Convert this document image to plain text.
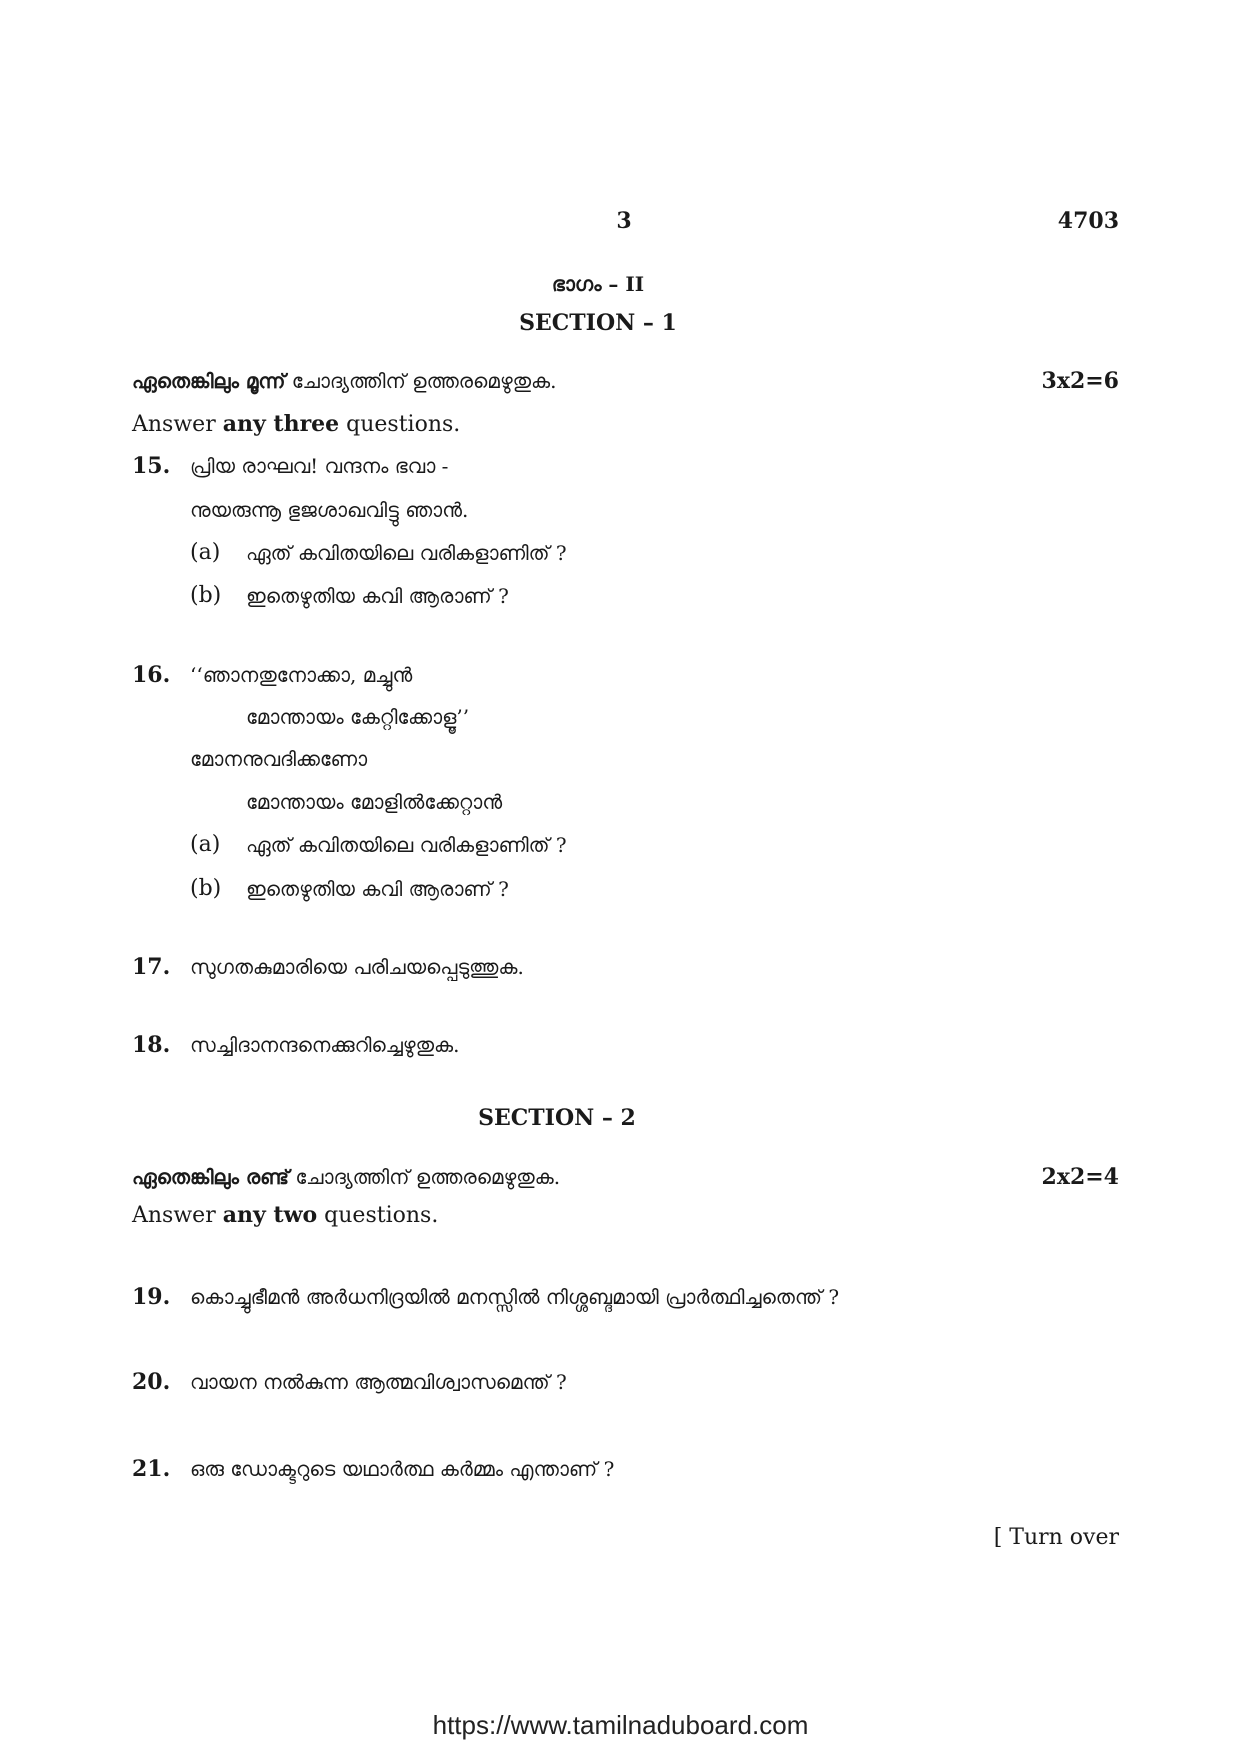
3	4703
ഭാഗം – II
SECTION – 1
ഏതെങ്കിലും മൂന്ന് ചോദ്യത്തിന് ഉത്തരമെഴുതുക.	3x2=6
Answer any three questions.
15. പ്രിയ രാഘവ! വന്ദനം ഭവാ -
നുയരുന്നൂ ഭുജശാഖവിട്ടു ഞാൻ.
(a) ഏത് കവിതയിലെ വരികളാണിത് ?
(b) ഇതെഴുതിയ കവി ആരാണ് ?
16. ‘‘ഞാനതുനോക്കാ, മച്ചുൻ
മോന്തായം കേറ്റിക്കോളൂ’’
മോനനുവദിക്കണോ
മോന്തായം മോളിൽക്കേറ്റാൻ
(a) ഏത് കവിതയിലെ വരികളാണിത് ?
(b) ഇതെഴുതിയ കവി ആരാണ് ?
17. സുഗതകുമാരിയെ പരിചയപ്പെടുത്തുക.
18. സച്ചിദാനന്ദനെക്കുറിച്ചെഴുതുക.
SECTION – 2
ഏതെങ്കിലും രണ്ട് ചോദ്യത്തിന് ഉത്തരമെഴുതുക.	2x2=4
Answer any two questions.
19. കൊച്ചുഭീമൻ അർധനിദ്രയിൽ മനസ്സിൽ നിശ്ശബ്ദമായി പ്രാർത്ഥിച്ചതെന്ത് ?
20. വായന നൽകുന്ന ആത്മവിശ്വാസമെന്ത് ?
21. ഒരു ഡോക്ടറുടെ യഥാർത്ഥ കർമ്മം എന്താണ് ?
[ Turn over
https://www.tamilnaduboard.com
